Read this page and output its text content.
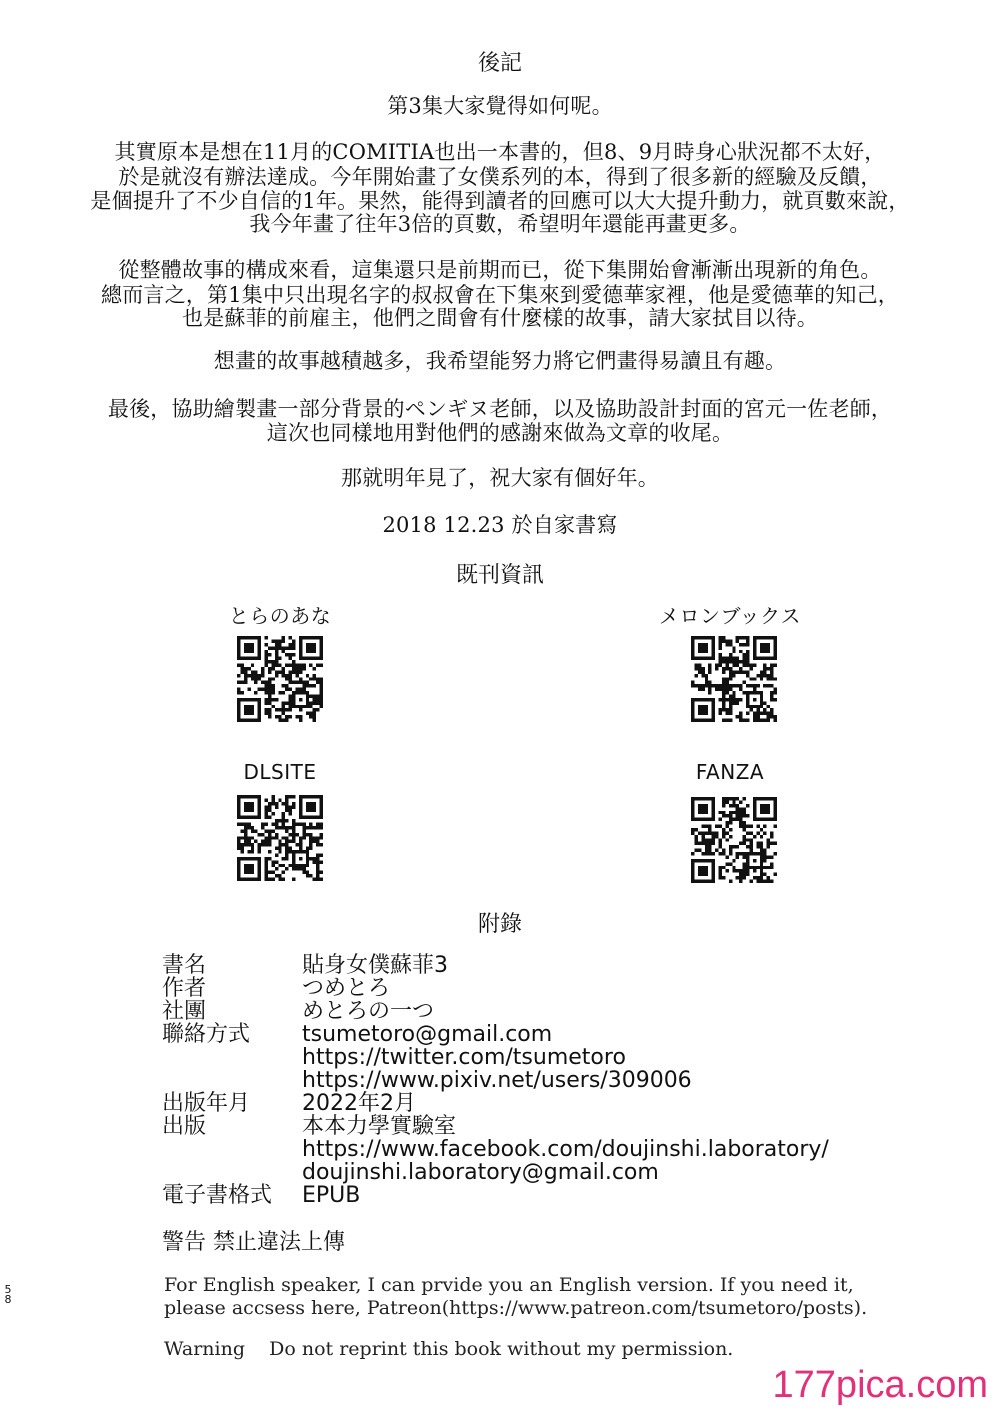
後記
第3集大家覺得如何呢。
其實原本是想在11月的COMITIA也出一本書的，但8、9月時身心狀況都不太好，
於是就沒有辦法達成。今年開始畫了女僕系列的本，得到了很多新的經驗及反饋，
是個提升了不少自信的1年。果然，能得到讀者的回應可以大大提升動力，就頁數來說，
我今年畫了往年3倍的頁數，希望明年還能再畫更多。
從整體故事的構成來看，這集還只是前期而已，從下集開始會漸漸出現新的角色。
總而言之，第1集中只出現名字的叔叔會在下集來到愛德華家裡，他是愛德華的知己，
也是蘇菲的前雇主，他們之間會有什麼樣的故事，請大家拭目以待。
想畫的故事越積越多，我希望能努力將它們畫得易讀且有趣。
最後，協助繪製畫一部分背景的ペンギヌ老師，以及協助設計封面的宮元一佐老師，
這次也同樣地用對他們的感謝來做為文章的收尾。
那就明年見了，祝大家有個好年。
2018 12.23 於自家書寫
既刊資訊
とらのあな	メロンブックス
DLSITE	FANZA
附錄
書名	貼身女僕蘇菲3
作者	つめとろ
社團	めとろの一つ
聯絡方式 tsumetoro@gmail.com
https://twitter.com/tsumetoro
https://www.pixiv.net/users/309006
出版年月 2022年2月
出版	本本力學實驗室
https://www.facebook.com/doujinshi.laboratory/
doujinshi.laboratory@gmail.com
電子書格式 EPUB
警告 禁止違法上傳
For English speaker, I can prvide you an English version. If you need it,
please accsess here, Patreon(https://www.patreon.com/tsumetoro/posts).
Warning    Do not reprint this book without my permission.
58
177pica.com
